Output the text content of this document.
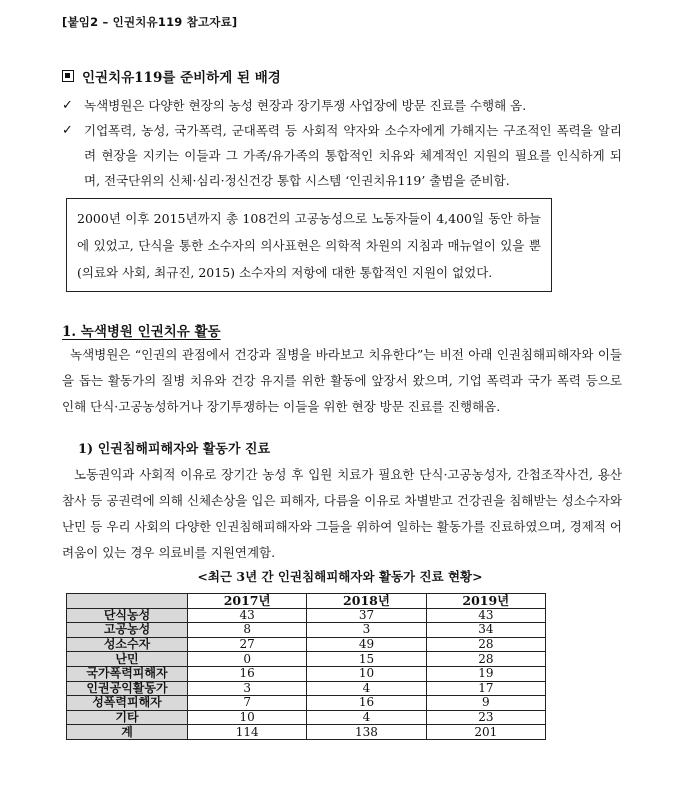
[붙임2 – 인권치유119 참고자료]
인권치유119를 준비하게 된 배경
✓ 녹색병원은 다양한 현장의 농성 현장과 장기투쟁 사업장에 방문 진료를 수행해 옴.
✓ 기업폭력, 농성, 국가폭력, 군대폭력 등 사회적 약자와 소수자에게 가해지는 구조적인 폭력을 알리려 현장을 지키는 이들과 그 가족/유가족의 통합적인 치유와 체계적인 지원의 필요를 인식하게 되며, 전국단위의 신체·심리·정신건강 통합 시스템 ‘인권치유119’ 출범을 준비함.
2000년 이후 2015년까지 총 108건의 고공농성으로 노동자들이 4,400일 동안 하늘에 있었고, 단식을 통한 소수자의 의사표현은 의학적 차원의 지침과 매뉴얼이 있을 뿐(의료와 사회, 최규진, 2015) 소수자의 저항에 대한 통합적인 지원이 없었다.
1. 녹색병원 인권치유 활동
녹색병원은 “인권의 관점에서 건강과 질병을 바라보고 치유한다”는 비전 아래 인권침해피해자와 이들을 돕는 활동가의 질병 치유와 건강 유지를 위한 활동에 앞장서 왔으며, 기업 폭력과 국가 폭력 등으로 인해 단식·고공농성하거나 장기투쟁하는 이들을 위한 현장 방문 진료를 진행해옴.
1) 인권침해피해자와 활동가 진료
노동권익과 사회적 이유로 장기간 농성 후 입원 치료가 필요한 단식·고공농성자, 간첩조작사건, 용산참사 등 공권력에 의해 신체손상을 입은 피해자, 다름을 이유로 차별받고 건강권을 침해받는 성소수자와 난민 등 우리 사회의 다양한 인권침해피해자와 그들을 위하여 일하는 활동가를 진료하였으며, 경제적 어려움이 있는 경우 의료비를 지원연계함.
<최근 3년 간 인권침해피해자와 활동가 진료 현황>
	2017년	2018년	2019년
단식농성	43	37	43
고공농성	8	3	34
성소수자	27	49	28
난민	0	15	28
국가폭력피해자	16	10	19
인권공익활동가	3	4	17
성폭력피해자	7	16	9
기타	10	4	23
계	114	138	201
